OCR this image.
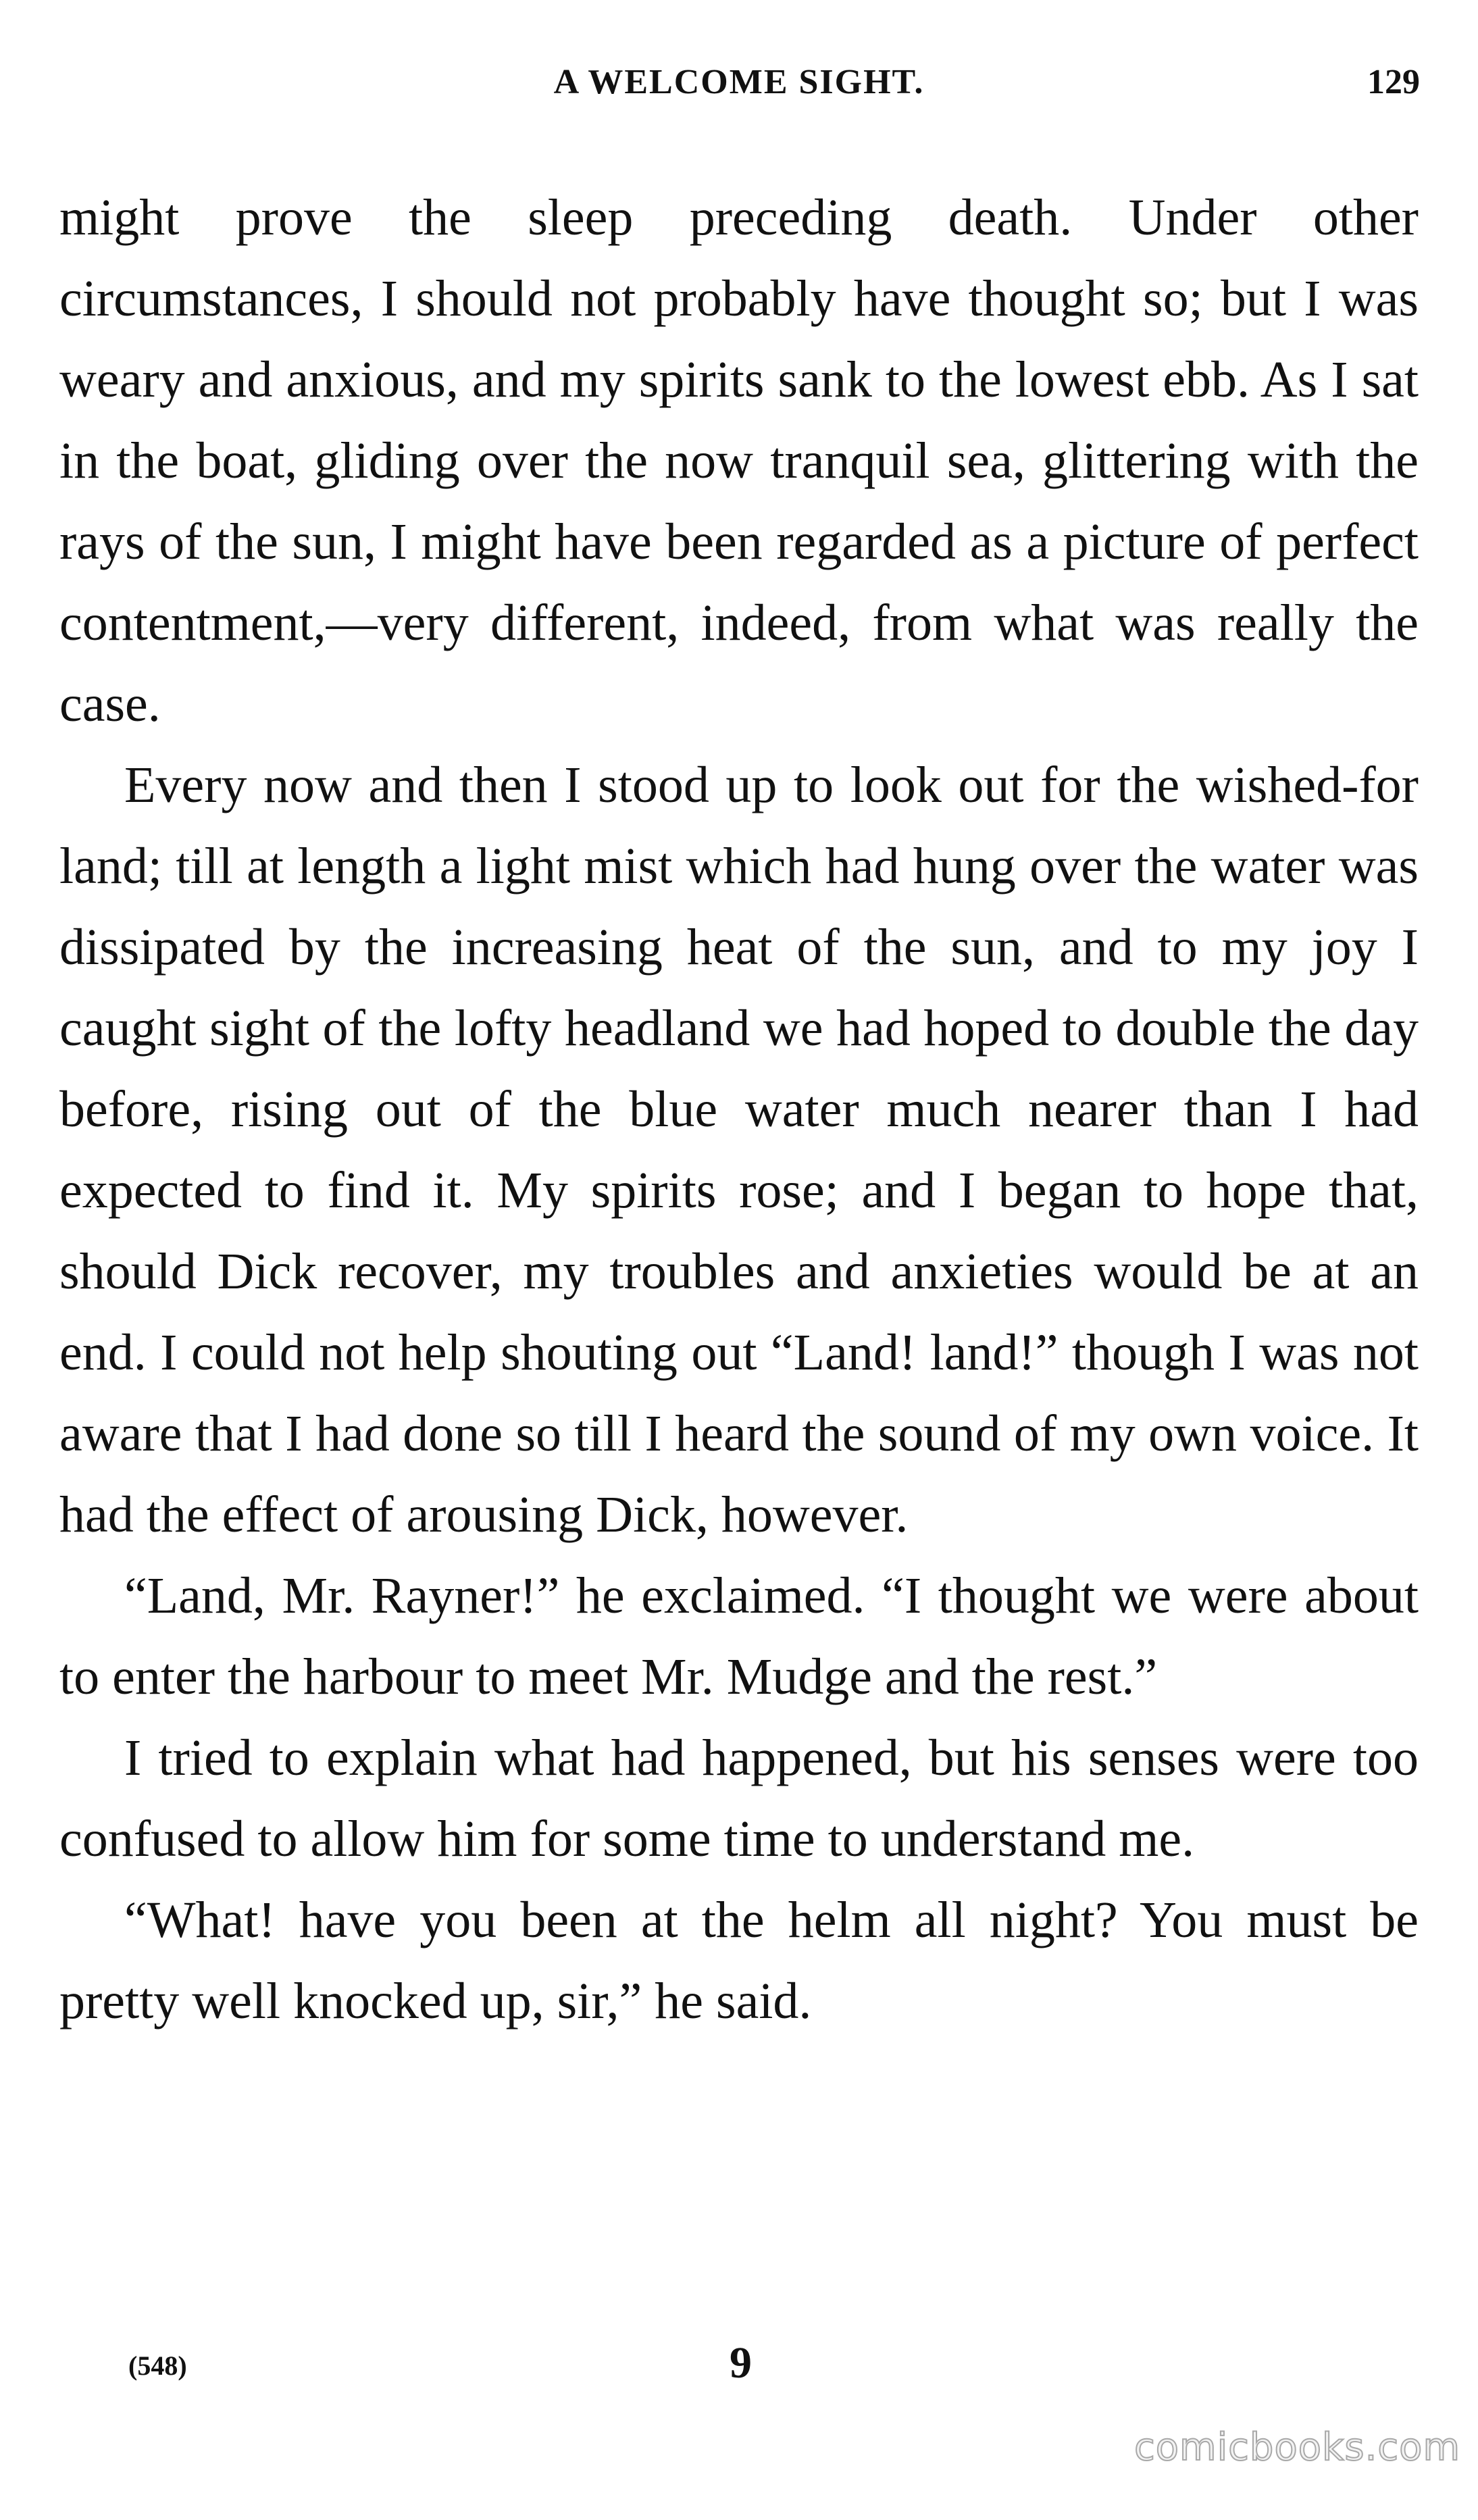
A WELCOME SIGHT.	129

might prove the sleep preceding death. Under other circumstances, I should not probably have thought so; but I was weary and anxious, and my spirits sank to the lowest ebb. As I sat in the boat, gliding over the now tranquil sea, glittering with the rays of the sun, I might have been regarded as a picture of perfect contentment,—very different, indeed, from what was really the case.

Every now and then I stood up to look out for the wished-for land; till at length a light mist which had hung over the water was dissipated by the increasing heat of the sun, and to my joy I caught sight of the lofty headland we had hoped to double the day before, rising out of the blue water much nearer than I had expected to find it. My spirits rose; and I began to hope that, should Dick recover, my troubles and anxieties would be at an end. I could not help shouting out “Land! land!” though I was not aware that I had done so till I heard the sound of my own voice. It had the effect of arousing Dick, however.

“Land, Mr. Rayner!” he exclaimed. “I thought we were about to enter the harbour to meet Mr. Mudge and the rest.”

I tried to explain what had happened, but his senses were too confused to allow him for some time to understand me.

“What! have you been at the helm all night? You must be pretty well knocked up, sir,” he said.

(548)	9
comicbooks.com
